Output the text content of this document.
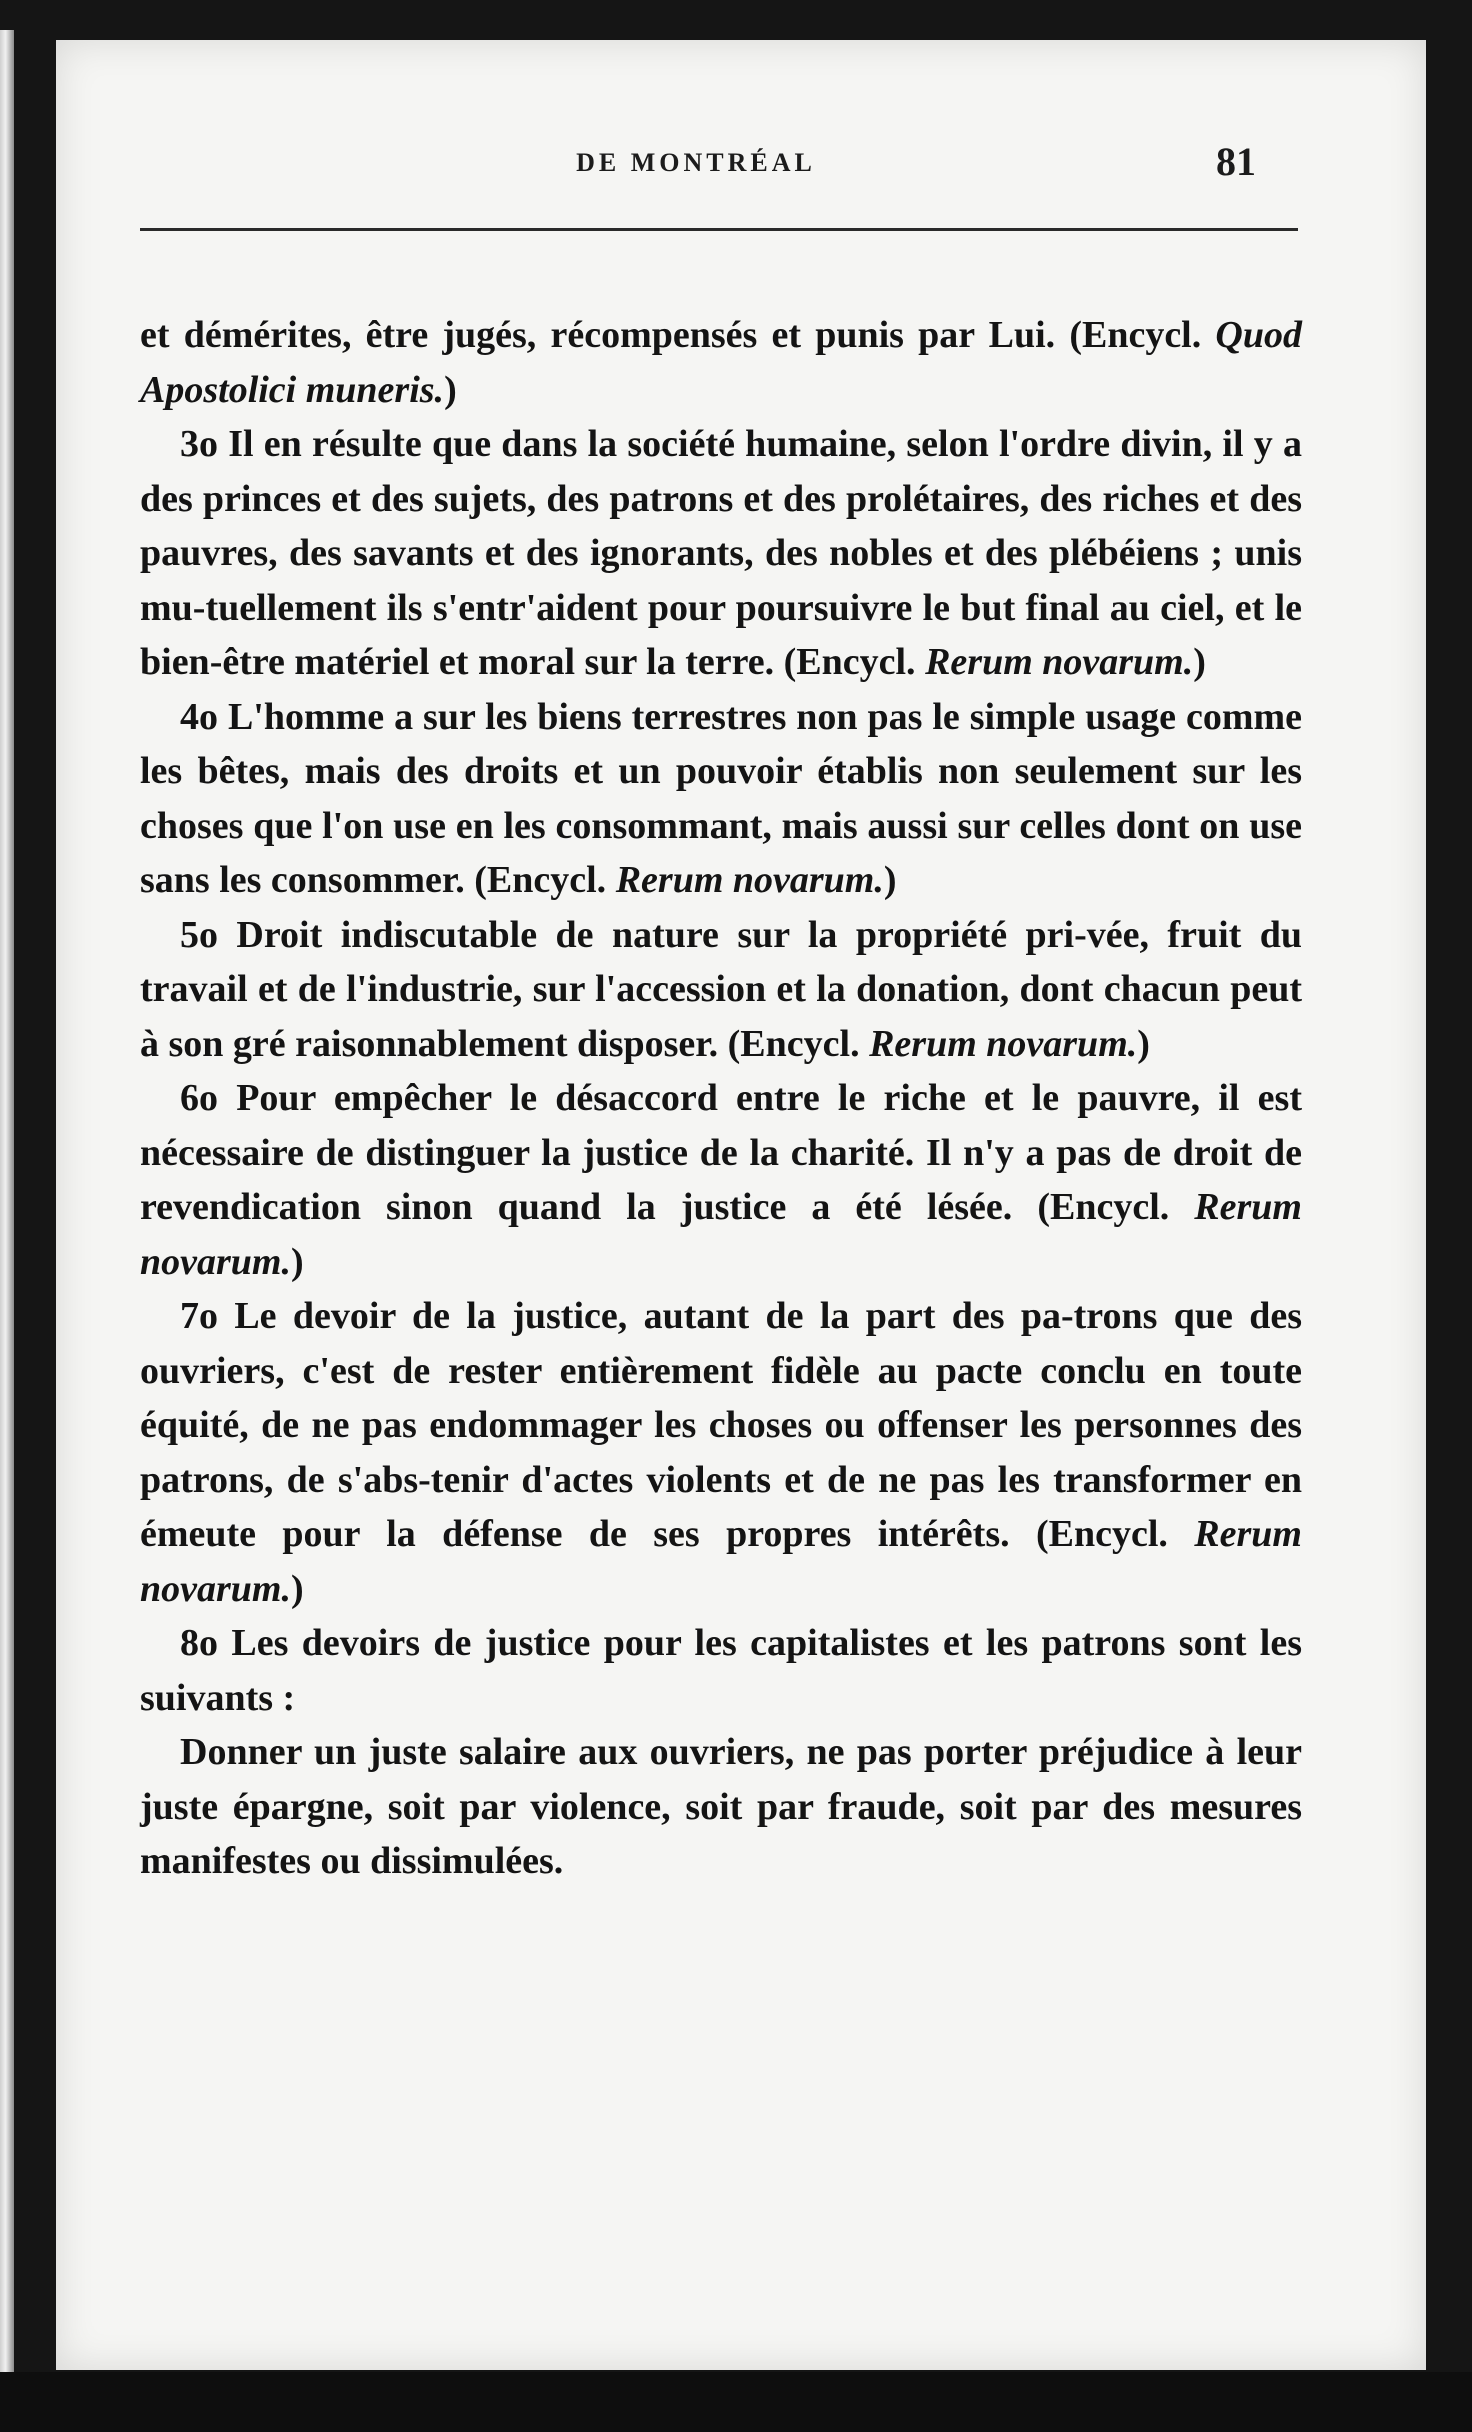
DE MONTRÉAL	81

et démérites, être jugés, récompensés et punis par Lui. (Encycl. Quod Apostolici muneris.)

3o Il en résulte que dans la société humaine, selon l'ordre divin, il y a des princes et des sujets, des patrons et des prolétaires, des riches et des pauvres, des savants et des ignorants, des nobles et des plébéiens ; unis mu-tuellement ils s'entr'aident pour poursuivre le but final au ciel, et le bien-être matériel et moral sur la terre. (Encycl. Rerum novarum.)

4o L'homme a sur les biens terrestres non pas le simple usage comme les bêtes, mais des droits et un pouvoir établis non seulement sur les choses que l'on use en les consommant, mais aussi sur celles dont on use sans les consommer. (Encycl. Rerum novarum.)

5o Droit indiscutable de nature sur la propriété pri-vée, fruit du travail et de l'industrie, sur l'accession et la donation, dont chacun peut à son gré raisonnablement disposer. (Encycl. Rerum novarum.)

6o Pour empêcher le désaccord entre le riche et le pauvre, il est nécessaire de distinguer la justice de la charité. Il n'y a pas de droit de revendication sinon quand la justice a été lésée. (Encycl. Rerum novarum.)

7o Le devoir de la justice, autant de la part des pa-trons que des ouvriers, c'est de rester entièrement fidèle au pacte conclu en toute équité, de ne pas endommager les choses ou offenser les personnes des patrons, de s'abs-tenir d'actes violents et de ne pas les transformer en émeute pour la défense de ses propres intérêts. (Encycl. Rerum novarum.)

8o Les devoirs de justice pour les capitalistes et les patrons sont les suivants :

Donner un juste salaire aux ouvriers, ne pas porter préjudice à leur juste épargne, soit par violence, soit par fraude, soit par des mesures manifestes ou dissimulées.
